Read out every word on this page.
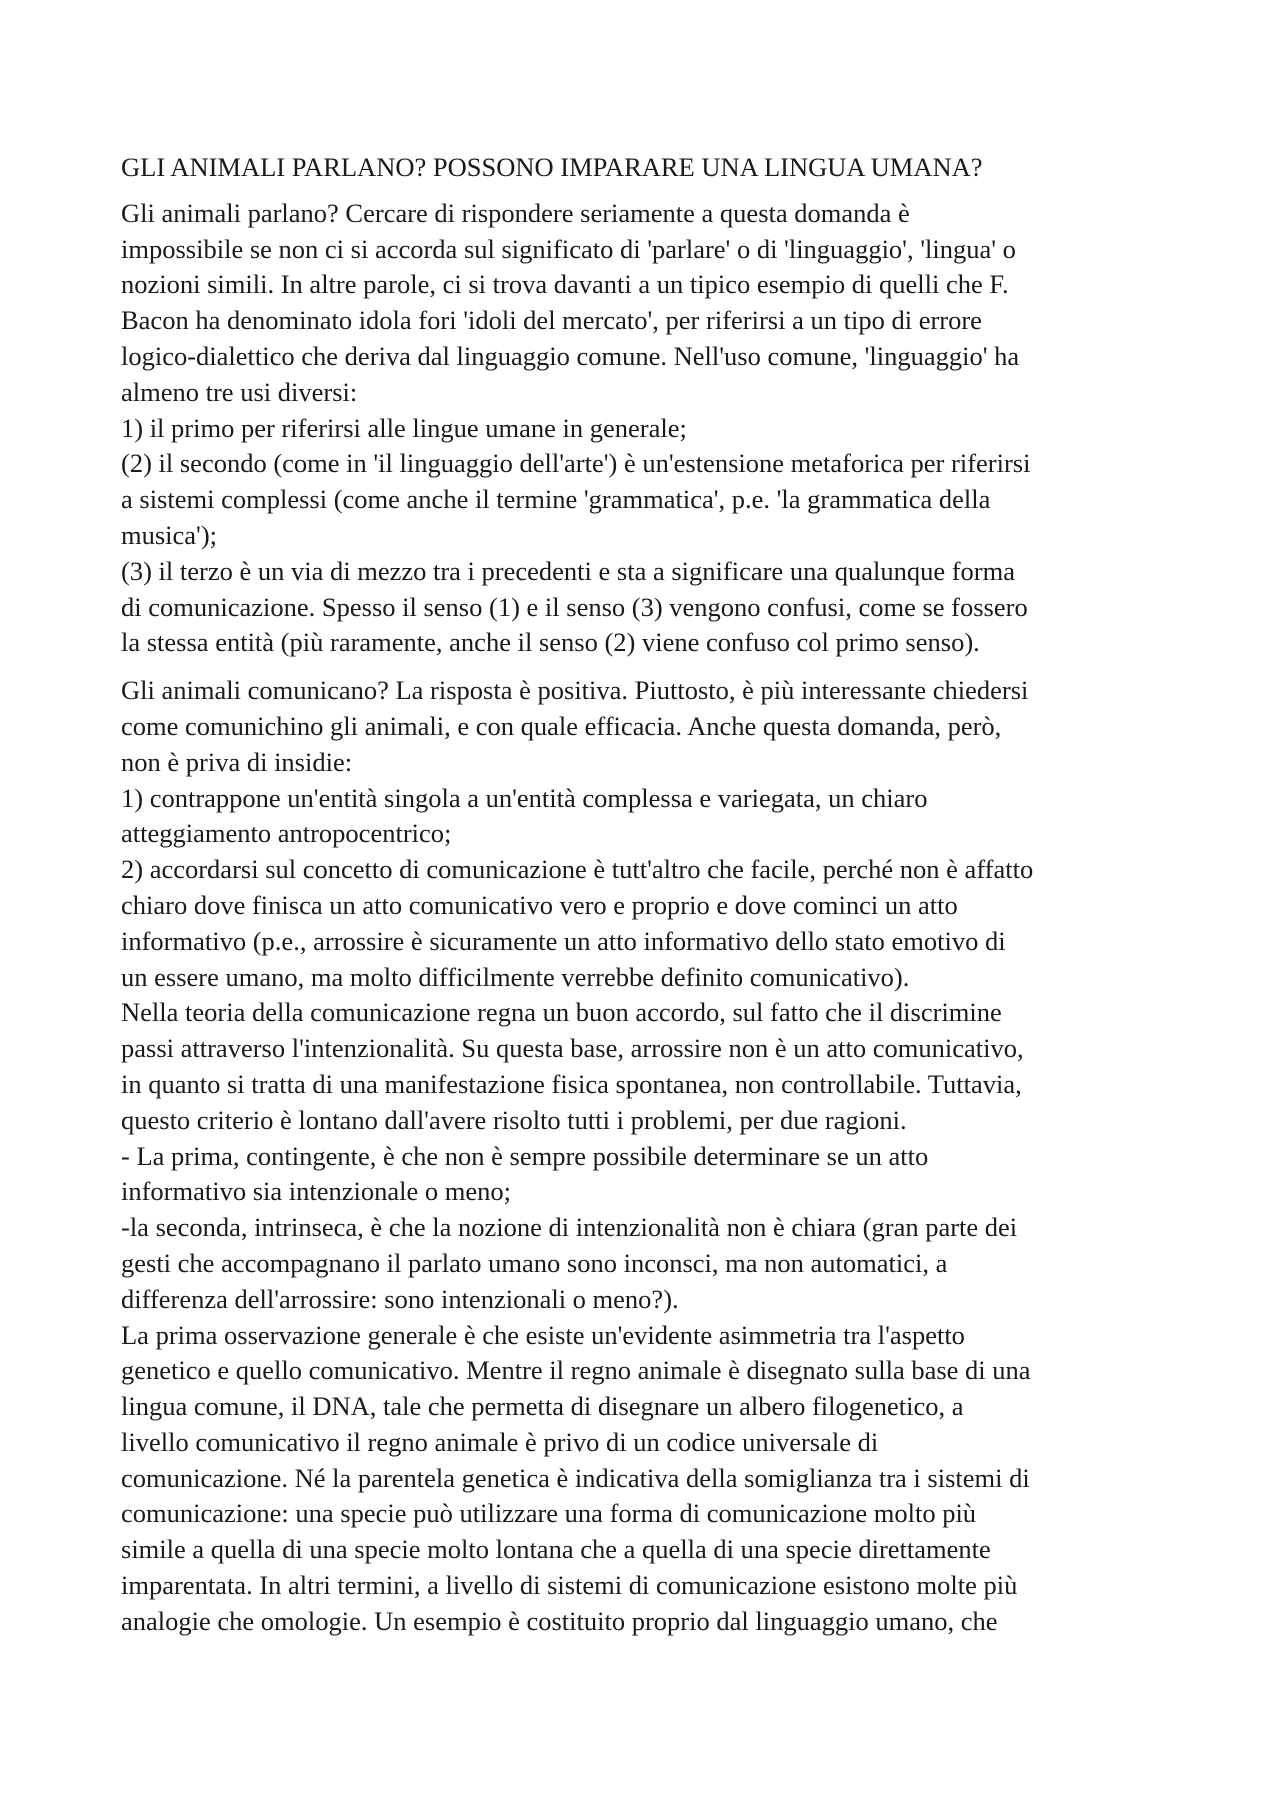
GLI ANIMALI PARLANO? POSSONO IMPARARE UNA LINGUA UMANA?

Gli animali parlano? Cercare di rispondere seriamente a questa domanda è
impossibile se non ci si accorda sul significato di 'parlare' o di 'linguaggio', 'lingua' o
nozioni simili. In altre parole, ci si trova davanti a un tipico esempio di quelli che F.
Bacon ha denominato idola fori 'idoli del mercato', per riferirsi a un tipo di errore
logico-dialettico che deriva dal linguaggio comune. Nell'uso comune, 'linguaggio' ha
almeno tre usi diversi:
1) il primo per riferirsi alle lingue umane in generale;
(2) il secondo (come in 'il linguaggio dell'arte') è un'estensione metaforica per riferirsi
a sistemi complessi (come anche il termine 'grammatica', p.e. 'la grammatica della
musica');
(3) il terzo è un via di mezzo tra i precedenti e sta a significare una qualunque forma
di comunicazione. Spesso il senso (1) e il senso (3) vengono confusi, come se fossero
la stessa entità (più raramente, anche il senso (2) viene confuso col primo senso).

Gli animali comunicano? La risposta è positiva. Piuttosto, è più interessante chiedersi
come comunichino gli animali, e con quale efficacia. Anche questa domanda, però,
non è priva di insidie:
1) contrappone un'entità singola a un'entità complessa e variegata, un chiaro
atteggiamento antropocentrico;
2) accordarsi sul concetto di comunicazione è tutt'altro che facile, perché non è affatto
chiaro dove finisca un atto comunicativo vero e proprio e dove cominci un atto
informativo (p.e., arrossire è sicuramente un atto informativo dello stato emotivo di
un essere umano, ma molto difficilmente verrebbe definito comunicativo).
Nella teoria della comunicazione regna un buon accordo, sul fatto che il discrimine
passi attraverso l'intenzionalità. Su questa base, arrossire non è un atto comunicativo,
in quanto si tratta di una manifestazione fisica spontanea, non controllabile. Tuttavia,
questo criterio è lontano dall'avere risolto tutti i problemi, per due ragioni.
- La prima, contingente, è che non è sempre possibile determinare se un atto
informativo sia intenzionale o meno;
-la seconda, intrinseca, è che la nozione di intenzionalità non è chiara (gran parte dei
gesti che accompagnano il parlato umano sono inconsci, ma non automatici, a
differenza dell'arrossire: sono intenzionali o meno?).
La prima osservazione generale è che esiste un'evidente asimmetria tra l'aspetto
genetico e quello comunicativo. Mentre il regno animale è disegnato sulla base di una
lingua comune, il DNA, tale che permetta di disegnare un albero filogenetico, a
livello comunicativo il regno animale è privo di un codice universale di
comunicazione. Né la parentela genetica è indicativa della somiglianza tra i sistemi di
comunicazione: una specie può utilizzare una forma di comunicazione molto più
simile a quella di una specie molto lontana che a quella di una specie direttamente
imparentata. In altri termini, a livello di sistemi di comunicazione esistono molte più
analogie che omologie. Un esempio è costituito proprio dal linguaggio umano, che
